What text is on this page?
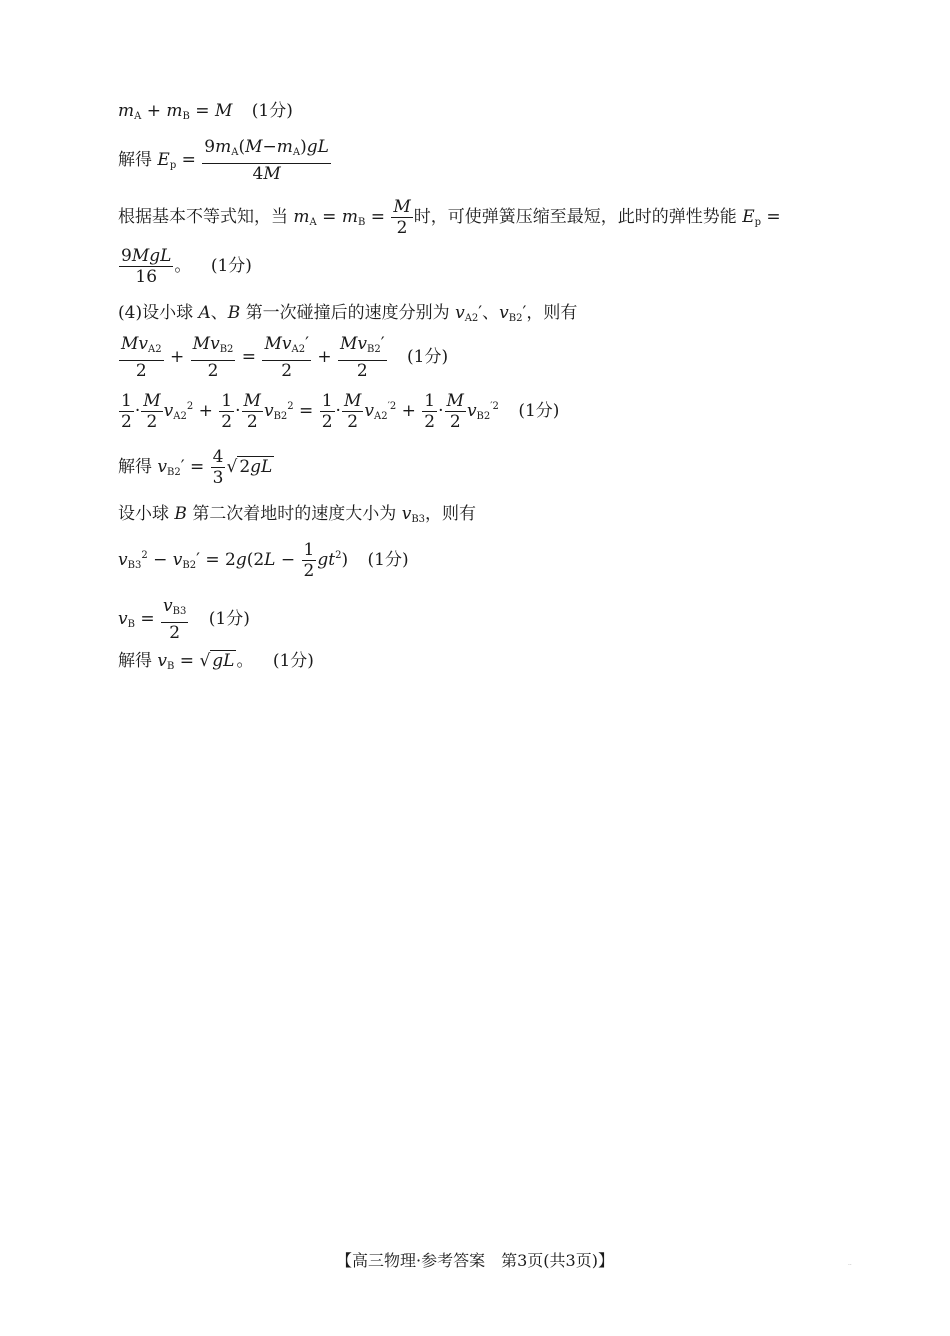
$m_A + m_B = M$ (1分)
解得 $E_p = \frac{9m_A(M-m_A)gL}{4M}$
根据基本不等式知，当 $m_A = m_B = \frac{M}{2}$ 时，可使弹簧压缩至最短，此时的弹性势能 $E_p$ =
$\frac{\text{9MgL}}{16}$ 。 (1分)
(4)设小球 A、B 第一次碰撞后的速度分别为 $v_{A2}'$、$v_{B2}'$，则有
$\frac{Mv_{A2}}{2} + \frac{Mv_{B2}}{2} = \frac{Mv_{A2}'}{2} + \frac{Mv_{B2}'}{2} (1$分)
$\frac{1}{2} \cdot \frac{M}{2} v_{A2}^2 + \frac{1}{2} \cdot \frac{M}{2} v_{B2}^2 = \frac{1}{2} \cdot \frac{M}{2} v_{A2}^{'2} + \frac{1}{2} \cdot \frac{M}{2} v_{B2}^{'2}$ (1分)
解得 $v_{B2}' = \frac{4}{3}$ √ 2gL
设小球 B 第二次着地时的速度大小为 $v_{B3}$，则有
$v_{B3}^2 - v_{B2}' = 2g(2L - \frac{1}{2} gt^2)$ (1分)
$v_B = \frac{v_{B3}}{2} (1$分)
解得 $v_B$ = √ gL 。 (1分)
【高三物理·参考答案　第3页(共3页)】	··
